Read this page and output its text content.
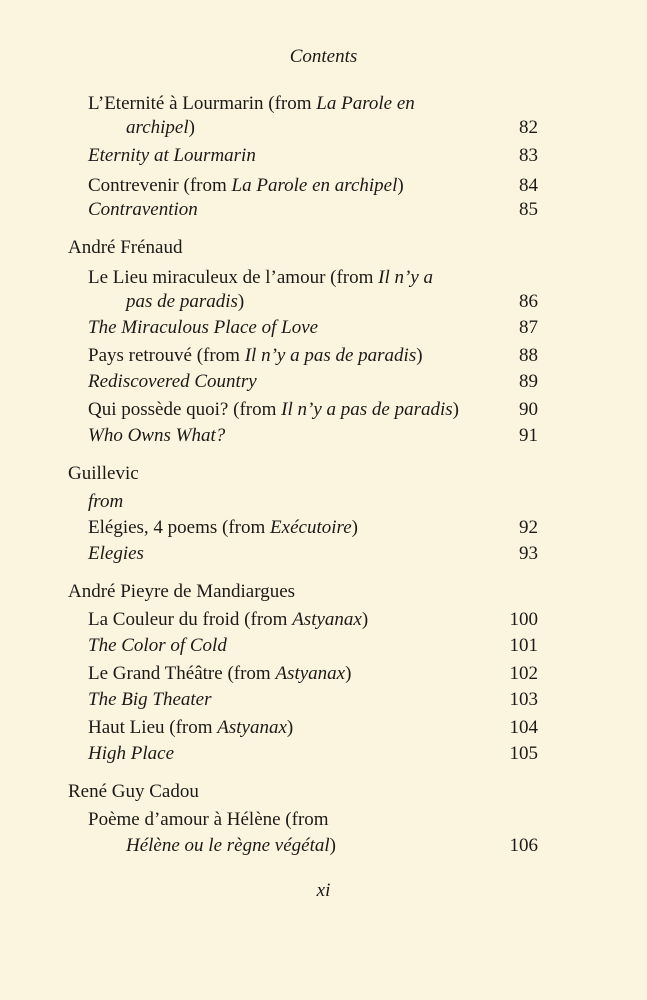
Contents
L’Eternité à Lourmarin (from La Parole en
archipel)	82
Eternity at Lourmarin	83
Contrevenir (from La Parole en archipel)	84
Contravention	85
André Frénaud
Le Lieu miraculeux de l’amour (from Il n’y a
pas de paradis)	86
The Miraculous Place of Love	87
Pays retrouvé (from Il n’y a pas de paradis)	88
Rediscovered Country	89
Qui possède quoi? (from Il n’y a pas de paradis)	90
Who Owns What?	91
Guillevic
from
Elégies, 4 poems (from Exécutoire)	92
Elegies	93
André Pieyre de Mandiargues
La Couleur du froid (from Astyanax)	100
The Color of Cold	101
Le Grand Théâtre (from Astyanax)	102
The Big Theater	103
Haut Lieu (from Astyanax)	104
High Place	105
René Guy Cadou
Poème d’amour à Hélène (from
Hélène ou le règne végétal)	106
xi
